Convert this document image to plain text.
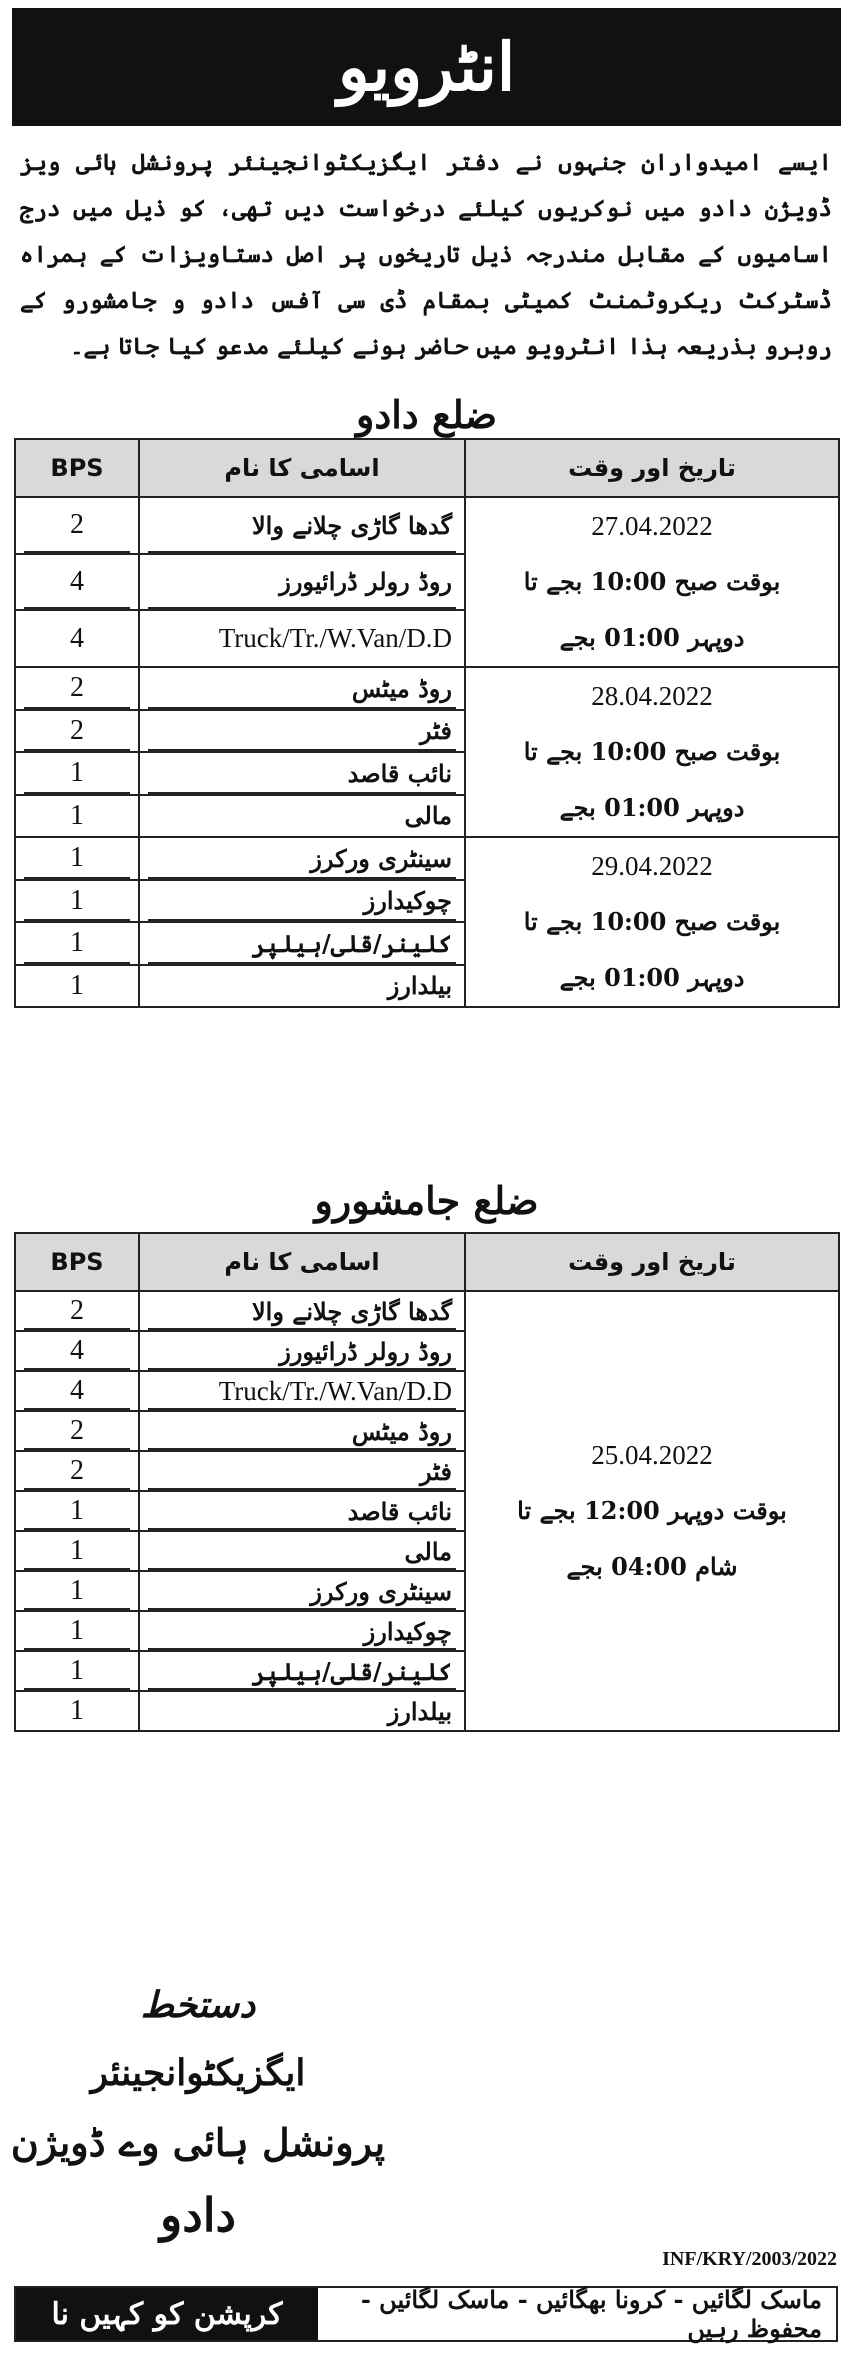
انٹرویو

ایسے امیدواران جنہوں نے دفتر ایگزیکٹوانجینئر پرونشل ہائی ویز ڈویژن دادو میں نوکریوں کیلئے درخواست دیں تھی، کو ذیل میں درج اسامیوں کے مقابل مندرجہ ذیل تاریخوں پر اصل دستاویزات کے ہمراہ ڈسٹرکٹ ریکروٹمنٹ کمیٹی بمقام ڈی سی آفس دادو و جامشورو کے روبرو بذریعہ ہذا انٹرویو میں حاضر ہونے کیلئے مدعو کیا جاتا ہے۔

ضلع دادو
BPS	اسامی کا نام	تاریخ اور وقت
2	گدھا گاڑی چلانے والا	27.04.2022
بوقت صبح 10:00 بجے تا
دوپہر 01:00 بجے

4	روڈ رولر ڈرائیورز	
4	Truck/Tr./W.Van/D.D	
2	روڈ میٹس	28.04.2022
بوقت صبح 10:00 بجے تا
دوپہر 01:00 بجے

2	فٹر	
1	نائب قاصد	
1	مالی	
1	سینٹری ورکرز	29.04.2022
بوقت صبح 10:00 بجے تا
دوپہر 01:00 بجے

1	چوکیدارز	
1	کلینر/قلی/ہیلپر	
1	بیلدارز	
ضلع جامشورو
BPS	اسامی کا نام	تاریخ اور وقت
2	گدھا گاڑی چلانے والا	25.04.2022
بوقت دوپہر 12:00 بجے تا
شام 04:00 بجے

4	روڈ رولر ڈرائیورز	
4	Truck/Tr./W.Van/D.D	
2	روڈ میٹس	
2	فٹر	
1	نائب قاصد	
1	مالی	
1	سینٹری ورکرز	
1	چوکیدارز	
1	کلینر/قلی/ہیلپر	
1	بیلدارز	
دستخط
ایگزیکٹوانجینئر
پرونشل ہائی وے ڈویژن
دادو
INF/KRY/2003/2022
ماسک لگائیں - کرونا بھگائیں - ماسک لگائیں - محفوظ رہیں
کرپشن کو کہیں نا
